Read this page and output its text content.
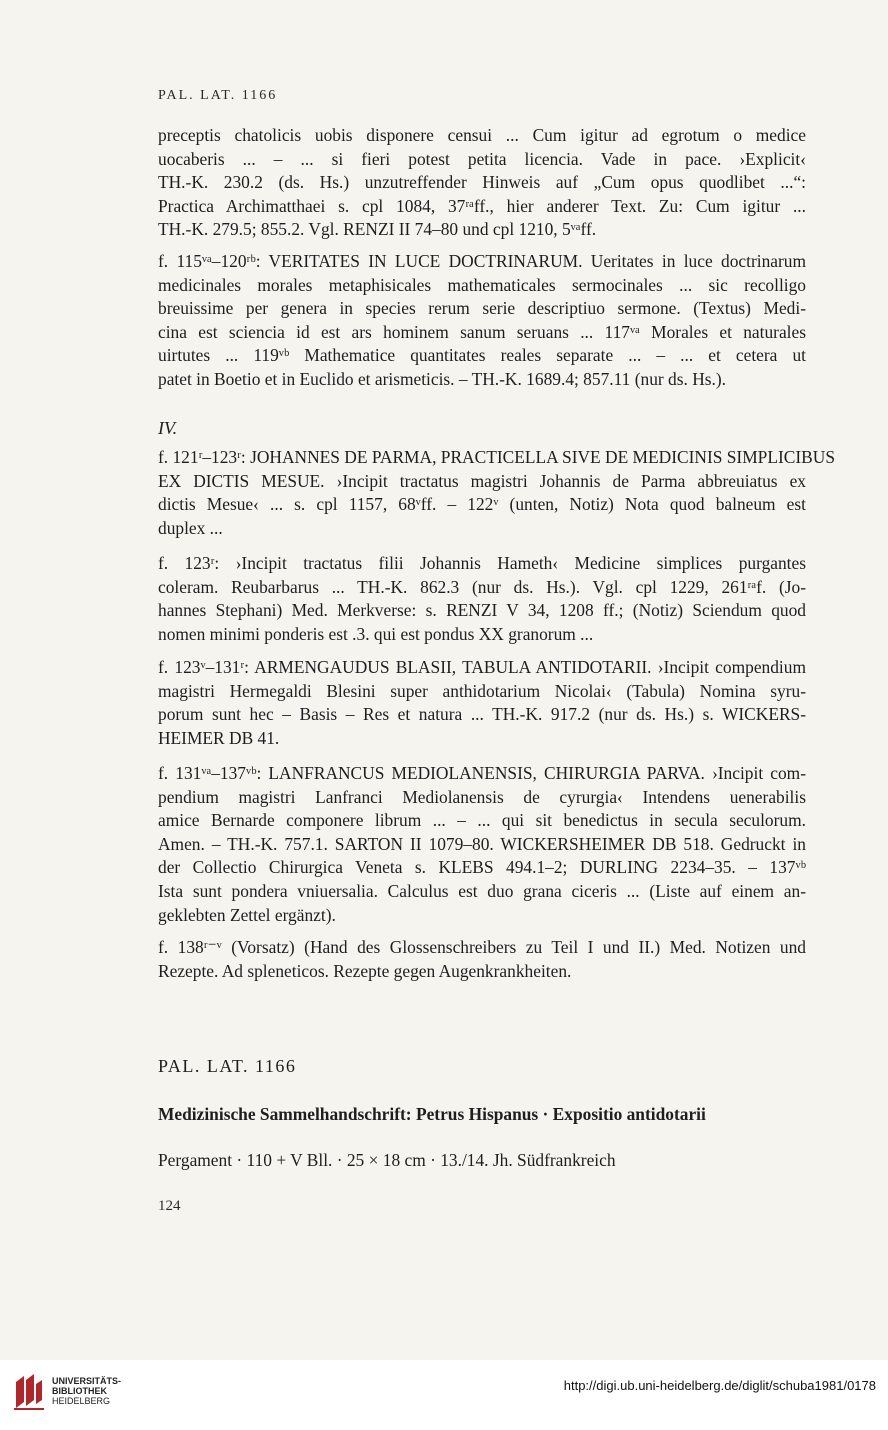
PAL. LAT. 1166
preceptis chatolicis uobis disponere censui ... Cum igitur ad egrotum o medice
uocaberis ... – ... si fieri potest petita licencia. Vade in pace. ›Explicit‹
TH.-K. 230.2 (ds. Hs.) unzutreffender Hinweis auf „Cum opus quodlibet ...“:
Practica Archimatthaei s. cpl 1084, 37ʳᵃff., hier anderer Text. Zu: Cum igitur ...
TH.-K. 279.5; 855.2. Vgl. RENZI II 74–80 und cpl 1210, 5ᵛᵃff.
f. 115ᵛᵃ–120ʳᵇ: VERITATES IN LUCE DOCTRINARUM. Ueritates in luce doctrinarum
medicinales morales metaphisicales mathematicales sermocinales ... sic recolligo
breuissime per genera in species rerum serie descriptiuo sermone. (Textus) Medi-
cina est sciencia id est ars hominem sanum seruans ... 117ᵛᵃ Morales et naturales
uirtutes ... 119ᵛᵇ Mathematice quantitates reales separate ... – ... et cetera ut
patet in Boetio et in Euclido et arismeticis. – TH.-K. 1689.4; 857.11 (nur ds. Hs.).
IV.
f. 121ʳ–123ʳ: JOHANNES DE PARMA, PRACTICELLA SIVE DE MEDICINIS SIMPLICIBUS
EX DICTIS MESUE. ›Incipit tractatus magistri Johannis de Parma abbreuiatus ex
dictis Mesue‹ ... s. cpl 1157, 68ᵛff. – 122ᵛ (unten, Notiz) Nota quod balneum est
duplex ...
f. 123ʳ: ›Incipit tractatus filii Johannis Hameth‹ Medicine simplices purgantes
coleram. Reubarbarus ... TH.-K. 862.3 (nur ds. Hs.). Vgl. cpl 1229, 261ʳᵃf. (Jo-
hannes Stephani) Med. Merkverse: s. RENZI V 34, 1208 ff.; (Notiz) Sciendum quod
nomen minimi ponderis est .3. qui est pondus XX granorum ...
f. 123ᵛ–131ʳ: ARMENGAUDUS BLASII, TABULA ANTIDOTARII. ›Incipit compendium
magistri Hermegaldi Blesini super anthidotarium Nicolai‹ (Tabula) Nomina syru-
porum sunt hec – Basis – Res et natura ... TH.-K. 917.2 (nur ds. Hs.) s. WICKERS-
HEIMER DB 41.
f. 131ᵛᵃ–137ᵛᵇ: LANFRANCUS MEDIOLANENSIS, CHIRURGIA PARVA. ›Incipit com-
pendium magistri Lanfranci Mediolanensis de cyrurgia‹ Intendens uenerabilis
amice Bernarde componere librum ... – ... qui sit benedictus in secula seculorum.
Amen. – TH.-K. 757.1. SARTON II 1079–80. WICKERSHEIMER DB 518. Gedruckt in
der Collectio Chirurgica Veneta s. KLEBS 494.1–2; DURLING 2234–35. – 137ᵛᵇ
Ista sunt pondera vniuersalia. Calculus est duo grana ciceris ... (Liste auf einem an-
geklebten Zettel ergänzt).
f. 138ʳ⁻ᵛ (Vorsatz) (Hand des Glossenschreibers zu Teil I und II.) Med. Notizen und
Rezepte. Ad spleneticos. Rezepte gegen Augenkrankheiten.
PAL. LAT. 1166
Medizinische Sammelhandschrift: Petrus Hispanus · Expositio antidotarii
Pergament · 110 + V Bll. · 25 × 18 cm · 13./14. Jh. Südfrankreich
124
UNIVERSITÄTS-
BIBLIOTHEK
HEIDELBERG
http://digi.ub.uni-heidelberg.de/diglit/schuba1981/0178
